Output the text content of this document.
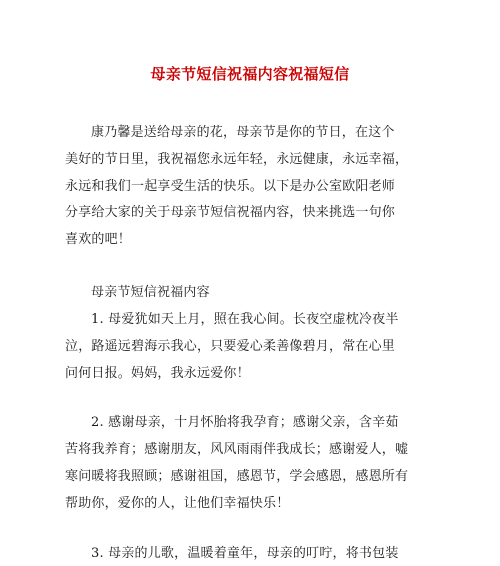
母亲节短信祝福内容祝福短信
康乃馨是送给母亲的花，母亲节是你的节日，在这个
美好的节日里，我祝福您永远年轻，永远健康，永远幸福，
永远和我们一起享受生活的快乐。以下是办公室欧阳老师
分享给大家的关于母亲节短信祝福内容，快来挑选一句你
喜欢的吧！
母亲节短信祝福内容
1. 母爱犹如天上月，照在我心间。长夜空虚枕冷夜半
泣，路遥远碧海示我心，只要爱心柔善像碧月，常在心里
问何日报。妈妈，我永远爱你！
2. 感谢母亲，十月怀胎将我孕育；感谢父亲，含辛茹
苦将我养育；感谢朋友，风风雨雨伴我成长；感谢爱人，嘘
寒问暖将我照顾；感谢祖国，感恩节，学会感恩，感恩所有
帮助你，爱你的人，让他们幸福快乐！
3. 母亲的儿歌，温暖着童年，母亲的叮咛，将书包装
